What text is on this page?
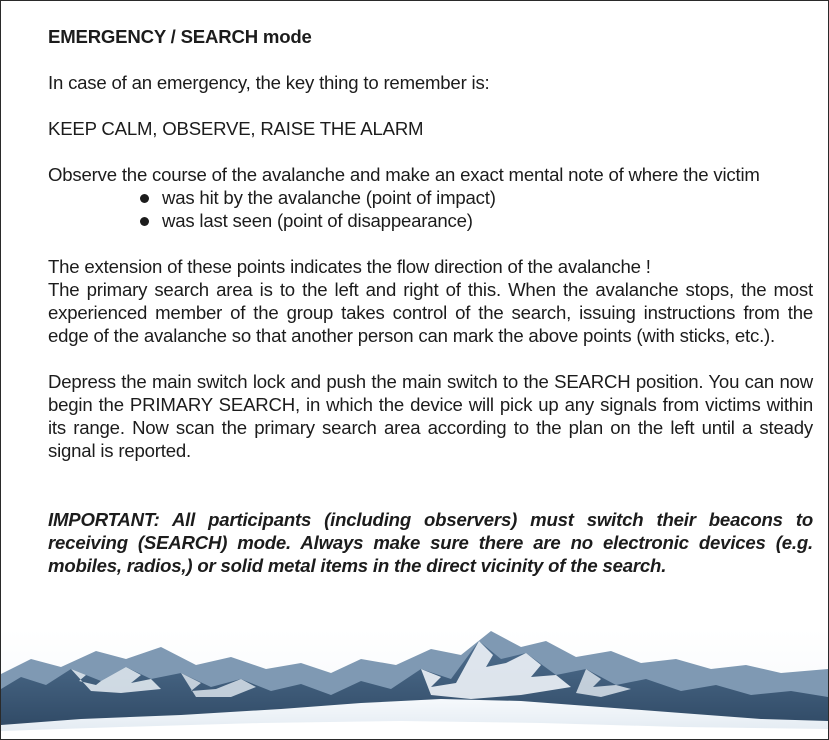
EMERGENCY / SEARCH mode

In case of an emergency, the key thing to remember is:

KEEP CALM, OBSERVE, RAISE THE ALARM

Observe the course of the avalanche and make an exact mental note of where the victim

was hit by the avalanche (point of impact)
was last seen (point of disappearance)

The extension of these points indicates the flow direction of the avalanche !

The primary search area is to the left and right of this. When the avalanche stops, the most experienced member of the group takes control of the search, issuing instructions from the edge of the avalanche so that another person can mark the above points (with sticks, etc.).

Depress the main switch lock and push the main switch to the SEARCH position. You can now begin the PRIMARY SEARCH, in which the device will pick up any signals from victims within its range. Now scan the primary search area according to the plan on the left until a steady signal is reported.

IMPORTANT: All participants (including observers) must switch their beacons to receiving (SEARCH) mode. Always make sure there are no electronic devices (e.g. mobiles, radios,) or solid metal items in the direct vicinity of the search.
